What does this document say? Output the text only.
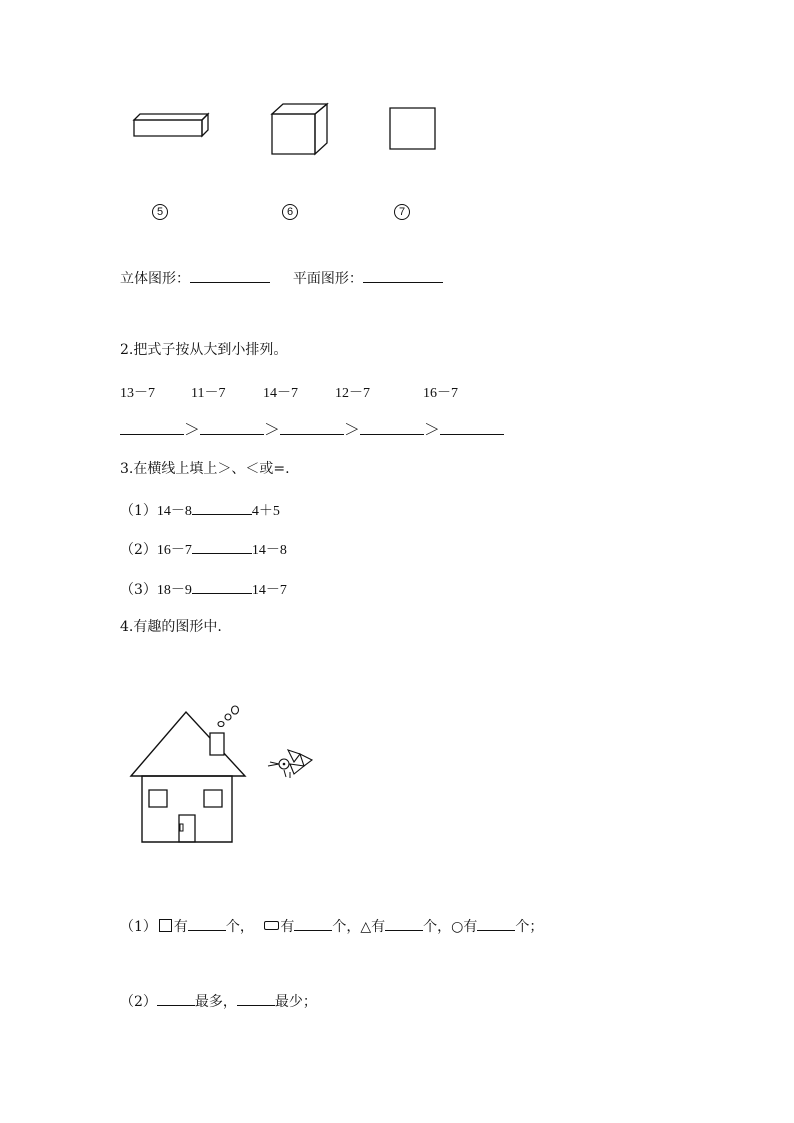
5	6	7
立体图形：	平面图形：
2.把式子按从大到小排列。
13－7	11－7	14－7	12－7	16－7
＞	＞	＞	＞
3.在横线上填上＞、＜或=.
（1）14－8	4＋5
（2）16－7	14－8
（3）18－9	14－7
4.有趣的图形中.
（1） 有	个， 有	个，△有	个，○有	个；
（2）	最多，	最少；
